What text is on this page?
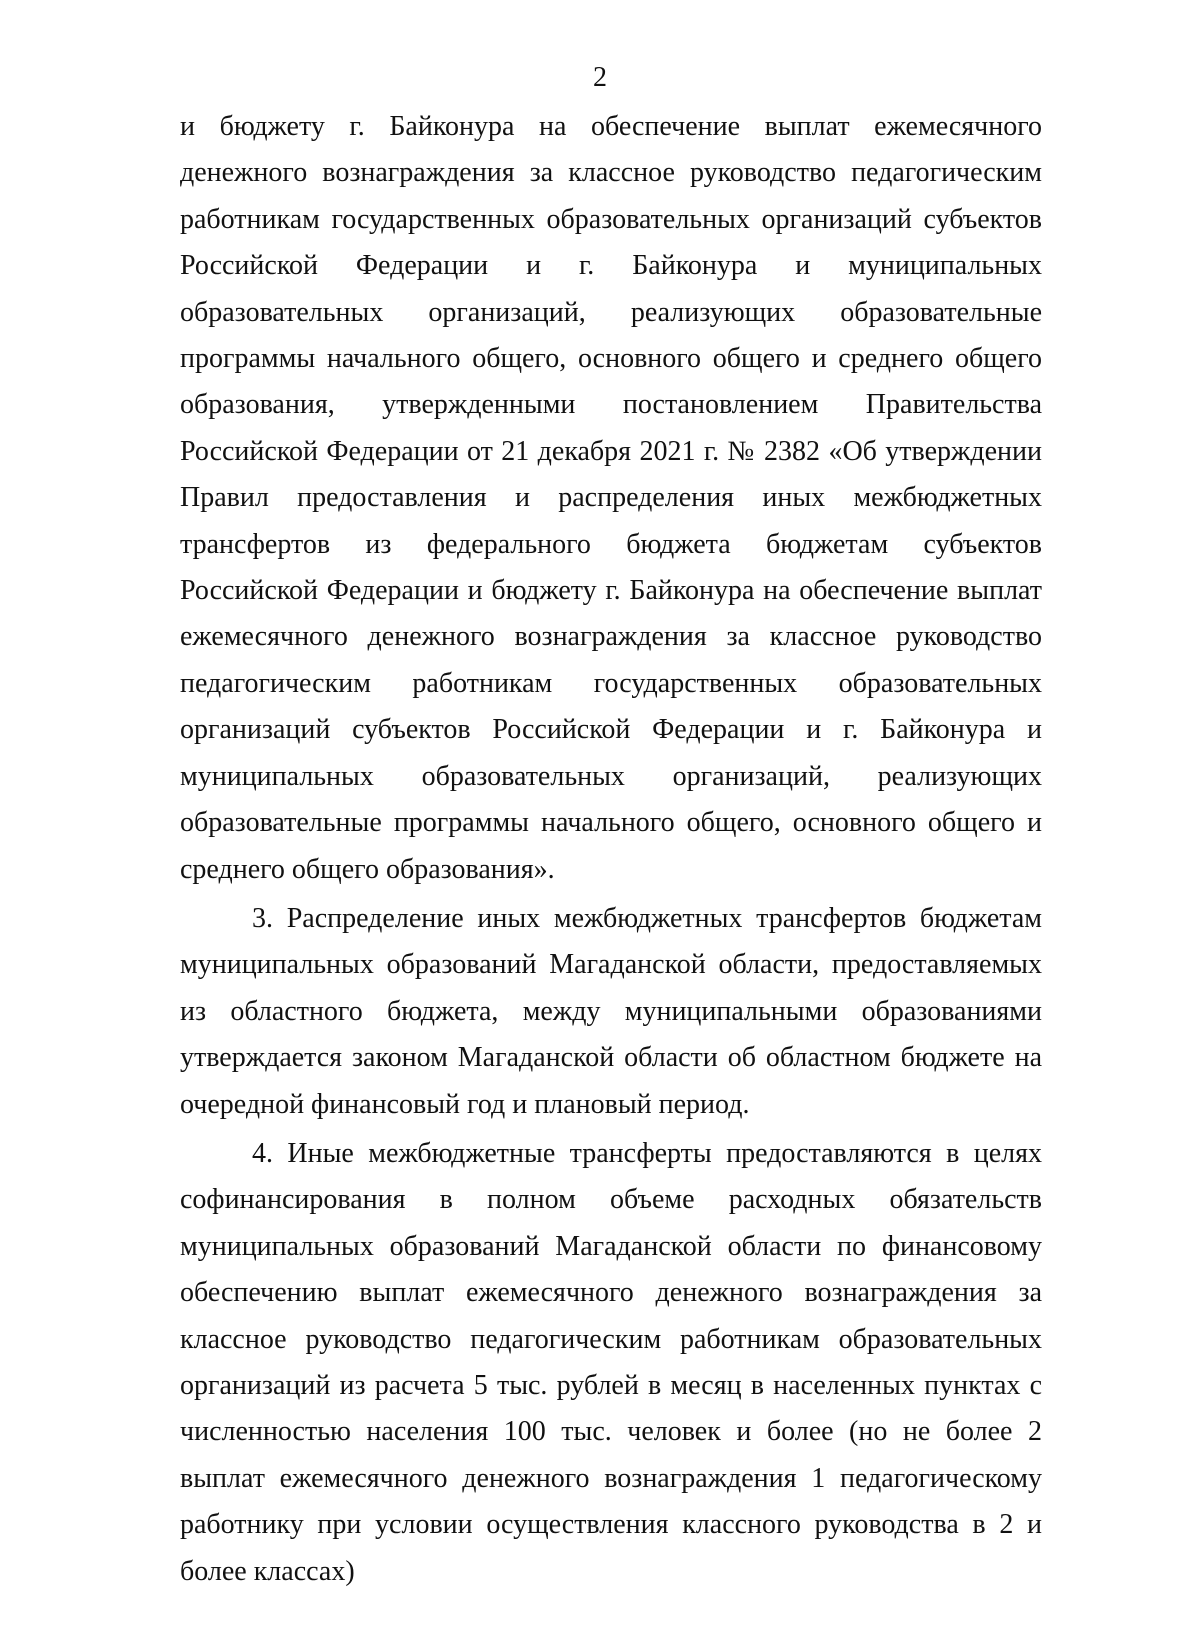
2

и бюджету г. Байконура на обеспечение выплат ежемесячного денежного вознаграждения за классное руководство педагогическим работникам государственных образовательных организаций субъектов Российской Федерации и г. Байконура и муниципальных образовательных организаций, реализующих образовательные программы начального общего, основного общего и среднего общего образования, утвержденными постановлением Правительства Российской Федерации от 21 декабря 2021 г. № 2382 «Об утверждении Правил предоставления и распределения иных межбюджетных трансфертов из федерального бюджета бюджетам субъектов Российской Федерации и бюджету г. Байконура на обеспечение выплат ежемесячного денежного вознаграждения за классное руководство педагогическим работникам государственных образовательных организаций субъектов Российской Федерации и г. Байконура и муниципальных образовательных организаций, реализующих образовательные программы начального общего, основного общего и среднего общего образования».

3. Распределение иных межбюджетных трансфертов бюджетам муниципальных образований Магаданской области, предоставляемых из областного бюджета, между муниципальными образованиями утверждается законом Магаданской области об областном бюджете на очередной финансовый год и плановый период.

4. Иные межбюджетные трансферты предоставляются в целях софинансирования в полном объеме расходных обязательств муниципальных образований Магаданской области по финансовому обеспечению выплат ежемесячного денежного вознаграждения за классное руководство педагогическим работникам образовательных организаций из расчета 5 тыс. рублей в месяц в населенных пунктах с численностью населения 100 тыс. человек и более (но не более 2 выплат ежемесячного денежного вознаграждения 1 педагогическому работнику при условии осуществления классного руководства в 2 и более классах)
